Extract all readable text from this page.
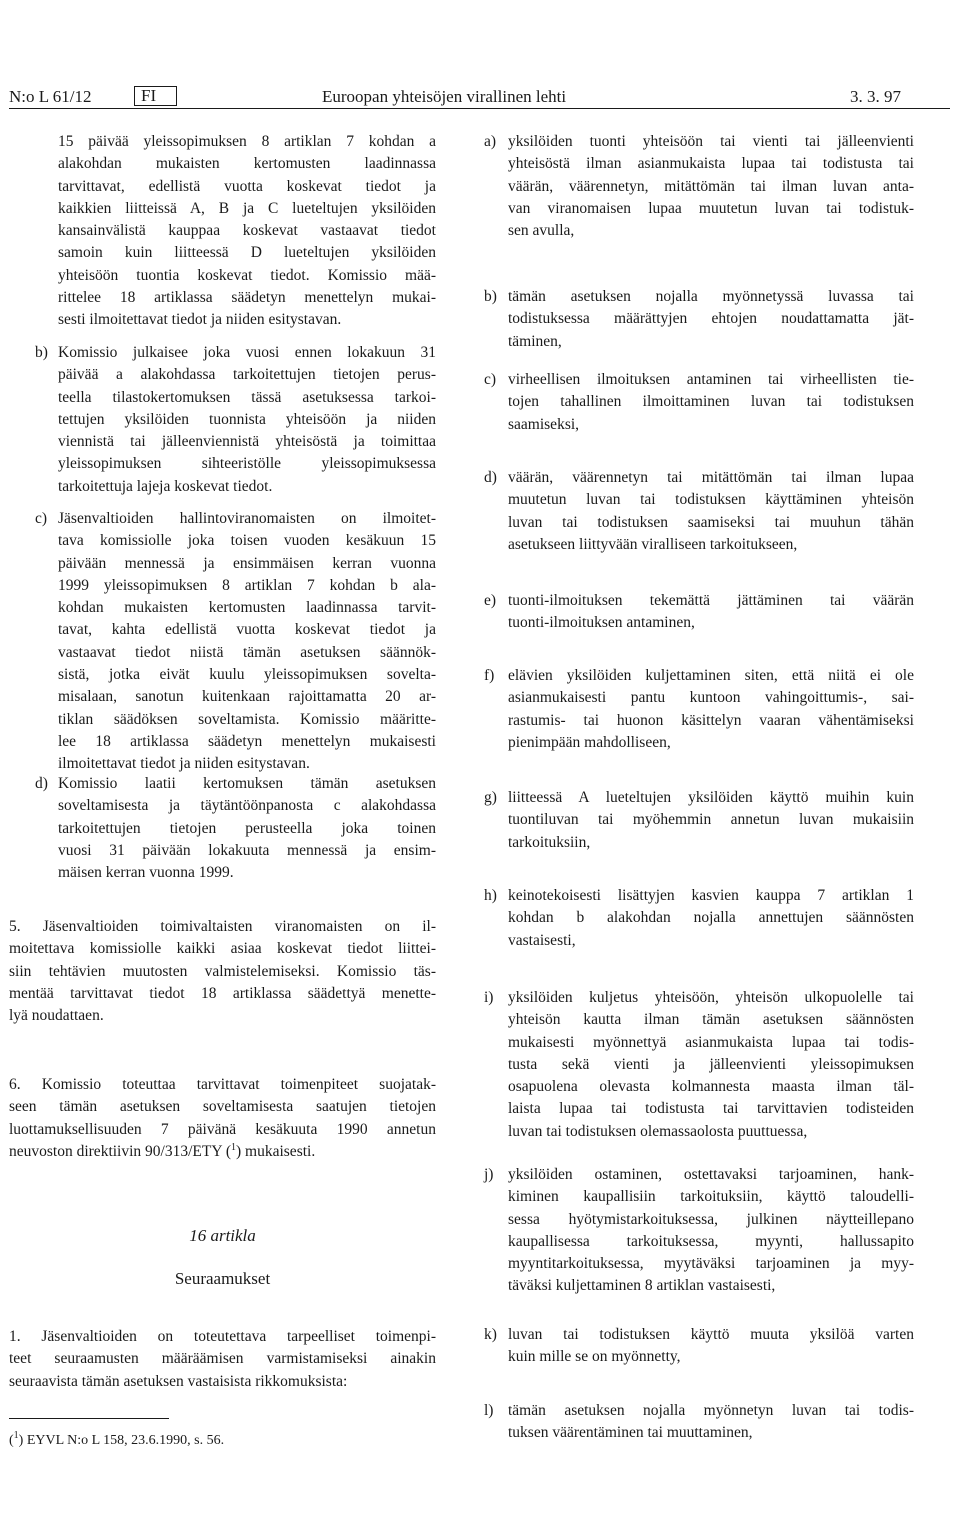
N:o L 61/12	FI	Euroopan yhteisöjen virallinen lehti	3. 3. 97
15 päivää yleissopimuksen 8 artiklan 7 kohdan a
alakohdan mukaisten kertomusten laadinnassa
tarvittavat, edellistä vuotta koskevat tiedot ja
kaikkien liitteissä A, B ja C lueteltujen yksilöiden
kansainvälistä kauppaa koskevat vastaavat tiedot
samoin kuin liitteessä D lueteltujen yksilöiden
yhteisöön tuontia koskevat tiedot. Komissio mää-
rittelee 18 artiklassa säädetyn menettelyn mukai-
sesti ilmoitettavat tiedot ja niiden esitystavan.
b) Komissio julkaisee joka vuosi ennen lokakuun 31
päivää a alakohdassa tarkoitettujen tietojen perus-
teella tilastokertomuksen tässä asetuksessa tarkoi-
tettujen yksilöiden tuonnista yhteisöön ja niiden
viennistä tai jälleenviennistä yhteisöstä ja toimittaa
yleissopimuksen sihteeristölle yleissopimuksessa
tarkoitettuja lajeja koskevat tiedot.
c) Jäsenvaltioiden hallintoviranomaisten on ilmoitet-
tava komissiolle joka toisen vuoden kesäkuun 15
päivään mennessä ja ensimmäisen kerran vuonna
1999 yleissopimuksen 8 artiklan 7 kohdan b ala-
kohdan mukaisten kertomusten laadinnassa tarvit-
tavat, kahta edellistä vuotta koskevat tiedot ja
vastaavat tiedot niistä tämän asetuksen säännök-
sistä, jotka eivät kuulu yleissopimuksen sovelta-
misalaan, sanotun kuitenkaan rajoittamatta 20 ar-
tiklan säädöksen soveltamista. Komissio määritte-
lee 18 artiklassa säädetyn menettelyn mukaisesti
ilmoitettavat tiedot ja niiden esitystavan.
d) Komissio laatii kertomuksen tämän asetuksen
soveltamisesta ja täytäntöönpanosta c alakohdassa
tarkoitettujen tietojen perusteella joka toinen
vuosi 31 päivään lokakuuta mennessä ja ensim-
mäisen kerran vuonna 1999.
5. Jäsenvaltioiden toimivaltaisten viranomaisten on il-
moitettava komissiolle kaikki asiaa koskevat tiedot liittei-
siin tehtävien muutosten valmistelemiseksi. Komissio täs-
mentää tarvittavat tiedot 18 artiklassa säädettyä menette-
lyä noudattaen.
6. Komissio toteuttaa tarvittavat toimenpiteet suojatak-
seen tämän asetuksen soveltamisesta saatujen tietojen
luottamuksellisuuden 7 päivänä kesäkuuta 1990 annetun
neuvoston direktiivin 90/313/ETY ($^1$) mukaisesti.
16 artikla
Seuraamukset
1. Jäsenvaltioiden on toteutettava tarpeelliset toimenpi-
teet seuraamusten määräämisen varmistamiseksi ainakin
seuraavista tämän asetuksen vastaisista rikkomuksista:
($^1$) EYVL N:o L 158, 23.6.1990, s. 56.
a) yksilöiden tuonti yhteisöön tai vienti tai jälleenvienti
yhteisöstä ilman asianmukaista lupaa tai todistusta tai
väärän, väärennetyn, mitättömän tai ilman luvan anta-
van viranomaisen lupaa muutetun luvan tai todistuk-
sen avulla,
b) tämän asetuksen nojalla myönnetyssä luvassa tai
todistuksessa määrättyjen ehtojen noudattamatta jät-
täminen,
c) virheellisen ilmoituksen antaminen tai virheellisten tie-
tojen tahallinen ilmoittaminen luvan tai todistuksen
saamiseksi,
d) väärän, väärennetyn tai mitättömän tai ilman lupaa
muutetun luvan tai todistuksen käyttäminen yhteisön
luvan tai todistuksen saamiseksi tai muuhun tähän
asetukseen liittyvään viralliseen tarkoitukseen,
e) tuonti-ilmoituksen tekemättä jättäminen tai väärän
tuonti-ilmoituksen antaminen,
f) elävien yksilöiden kuljettaminen siten, että niitä ei ole
asianmukaisesti pantu kuntoon vahingoittumis-, sai-
rastumis- tai huonon käsittelyn vaaran vähentämiseksi
pienimpään mahdolliseen,
g) liitteessä A lueteltujen yksilöiden käyttö muihin kuin
tuontiluvan tai myöhemmin annetun luvan mukaisiin
tarkoituksiin,
h) keinotekoisesti lisättyjen kasvien kauppa 7 artiklan 1
kohdan b alakohdan nojalla annettujen säännösten
vastaisesti,
i) yksilöiden kuljetus yhteisöön, yhteisön ulkopuolelle tai
yhteisön kautta ilman tämän asetuksen säännösten
mukaisesti myönnettyä asianmukaista lupaa tai todis-
tusta sekä vienti ja jälleenvienti yleissopimuksen
osapuolena olevasta kolmannesta maasta ilman täl-
laista lupaa tai todistusta tai tarvittavien todisteiden
luvan tai todistuksen olemassaolosta puuttuessa,
j) yksilöiden ostaminen, ostettavaksi tarjoaminen, hank-
kiminen kaupallisiin tarkoituksiin, käyttö taloudelli-
sessa hyötymistarkoituksessa, julkinen näytteillepano
kaupallisessa tarkoituksessa, myynti, hallussapito
myyntitarkoituksessa, myytäväksi tarjoaminen ja myy-
täväksi kuljettaminen 8 artiklan vastaisesti,
k) luvan tai todistuksen käyttö muuta yksilöä varten
kuin mille se on myönnetty,
l) tämän asetuksen nojalla myönnetyn luvan tai todis-
tuksen väärentäminen tai muuttaminen,
